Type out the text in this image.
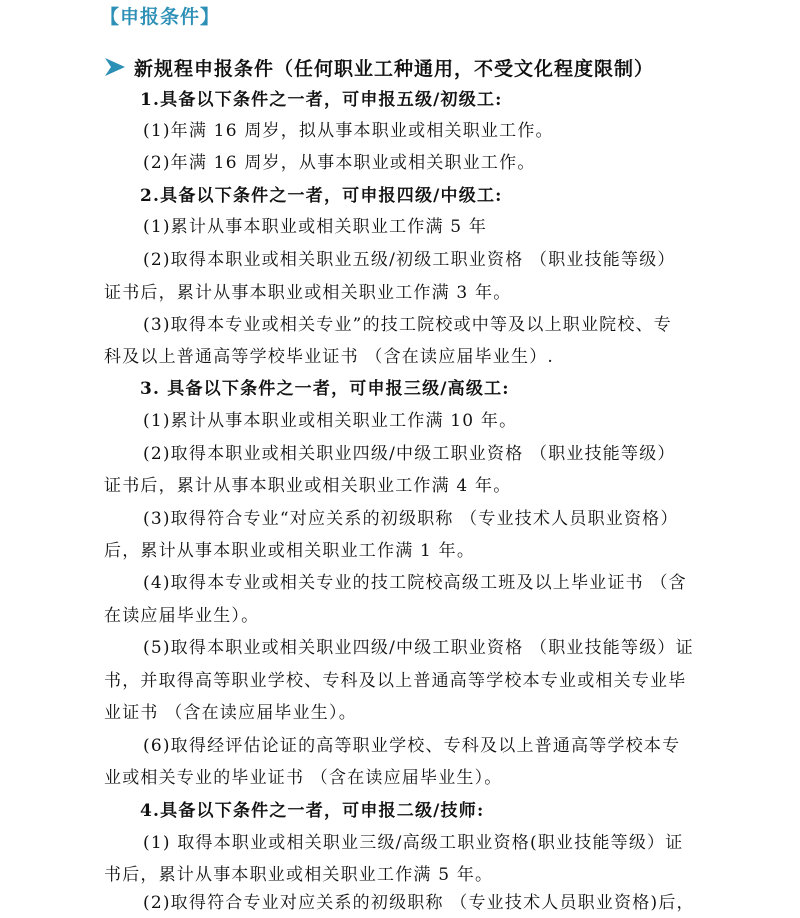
【申报条件】
新规程申报条件（任何职业工种通用，不受文化程度限制）
1.具备以下条件之一者，可申报五级/初级工:
(1)年满 16 周岁，拟从事本职业或相关职业工作。
(2)年满 16 周岁，从事本职业或相关职业工作。
2.具备以下条件之一者，可申报四级/中级工:
(1)累计从事本职业或相关职业工作满 5 年
(2)取得本职业或相关职业五级/初级工职业资格 （职业技能等级）
证书后，累计从事本职业或相关职业工作满 3 年。
(3)取得本专业或相关专业”的技工院校或中等及以上职业院校、专
科及以上普通高等学校毕业证书 （含在读应届毕业生）.
3. 具备以下条件之一者，可申报三级/高级工:
(1)累计从事本职业或相关职业工作满 10 年。
(2)取得本职业或相关职业四级/中级工职业资格 （职业技能等级）
证书后，累计从事本职业或相关职业工作满 4 年。
(3)取得符合专业“对应关系的初级职称 （专业技术人员职业资格）
后，累计从事本职业或相关职业工作满 1 年。
(4)取得本专业或相关专业的技工院校高级工班及以上毕业证书 （含
在读应届毕业生）。
(5)取得本职业或相关职业四级/中级工职业资格 （职业技能等级）证
书，并取得高等职业学校、专科及以上普通高等学校本专业或相关专业毕
业证书 （含在读应届毕业生）。
(6)取得经评估论证的高等职业学校、专科及以上普通高等学校本专
业或相关专业的毕业证书 （含在读应届毕业生）。
4.具备以下条件之一者，可申报二级/技师:
(1) 取得本职业或相关职业三级/高级工职业资格(职业技能等级）证
书后，累计从事本职业或相关职业工作满 5 年。
(2)取得符合专业对应关系的初级职称 （专业技术人员职业资格)后，
